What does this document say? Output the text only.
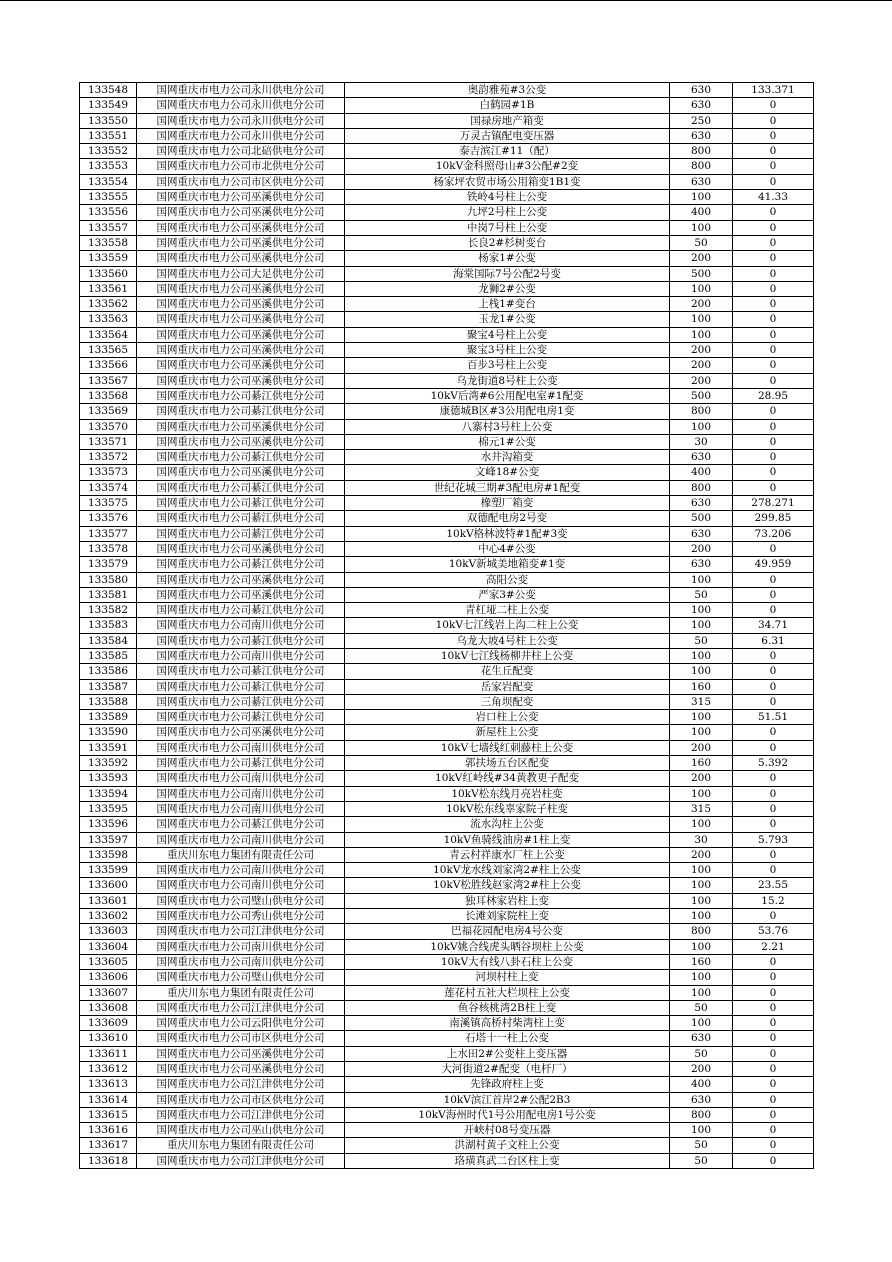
133548	国网重庆市电力公司永川供电分公司	奥韵雅苑#3公变	630	133.371
133549	国网重庆市电力公司永川供电分公司	白鹤园#1B	630	0
133550	国网重庆市电力公司永川供电分公司	国禄房地产箱变	250	0
133551	国网重庆市电力公司永川供电分公司	万灵古镇配电变压器	630	0
133552	国网重庆市电力公司北碚供电分公司	泰吉滨江#11（配）	800	0
133553	国网重庆市电力公司市北供电分公司	10kV金科照母山#3公配#2变	800	0
133554	国网重庆市电力公司市区供电分公司	杨家坪农贸市场公用箱变1B1变	630	0
133555	国网重庆市电力公司巫溪供电分公司	铁岭4号柱上公变	100	41.33
133556	国网重庆市电力公司巫溪供电分公司	九坪2号柱上公变	400	0
133557	国网重庆市电力公司巫溪供电分公司	中岗7号柱上公变	100	0
133558	国网重庆市电力公司巫溪供电分公司	长良2#杉树变台	50	0
133559	国网重庆市电力公司巫溪供电分公司	杨家1#公变	200	0
133560	国网重庆市电力公司大足供电分公司	海棠国际7号公配2号变	500	0
133561	国网重庆市电力公司巫溪供电分公司	龙狮2#公变	100	0
133562	国网重庆市电力公司巫溪供电分公司	上栈1#变台	200	0
133563	国网重庆市电力公司巫溪供电分公司	玉龙1#公变	100	0
133564	国网重庆市电力公司巫溪供电分公司	聚宝4号柱上公变	100	0
133565	国网重庆市电力公司巫溪供电分公司	聚宝3号柱上公变	200	0
133566	国网重庆市电力公司巫溪供电分公司	百步3号柱上公变	200	0
133567	国网重庆市电力公司巫溪供电分公司	乌龙街道8号柱上公变	200	0
133568	国网重庆市电力公司綦江供电分公司	10kV后湾#6公用配电室#1配变	500	28.95
133569	国网重庆市电力公司綦江供电分公司	康德城B区#3公用配电房1变	800	0
133570	国网重庆市电力公司巫溪供电分公司	八寨村3号柱上公变	100	0
133571	国网重庆市电力公司巫溪供电分公司	棉元1#公变	30	0
133572	国网重庆市电力公司綦江供电分公司	水井沟箱变	630	0
133573	国网重庆市电力公司巫溪供电分公司	文峰18#公变	400	0
133574	国网重庆市电力公司綦江供电分公司	世纪花城三期#3配电房#1配变	800	0
133575	国网重庆市电力公司綦江供电分公司	橡塑厂箱变	630	278.271
133576	国网重庆市电力公司綦江供电分公司	双德配电房2号变	500	299.85
133577	国网重庆市电力公司綦江供电分公司	10kV格林波特#1配#3变	630	73.206
133578	国网重庆市电力公司巫溪供电分公司	中心4#公变	200	0
133579	国网重庆市电力公司綦江供电分公司	10kV新城美地箱变#1变	630	49.959
133580	国网重庆市电力公司巫溪供电分公司	高阳公变	100	0
133581	国网重庆市电力公司巫溪供电分公司	严家3#公变	50	0
133582	国网重庆市电力公司綦江供电分公司	青杠垭二柱上公变	100	0
133583	国网重庆市电力公司南川供电分公司	10kV七江线岩上沟二柱上公变	100	34.71
133584	国网重庆市电力公司綦江供电分公司	乌龙大坡4号柱上公变	50	6.31
133585	国网重庆市电力公司南川供电分公司	10kV七江线杨柳井柱上公变	100	0
133586	国网重庆市电力公司綦江供电分公司	花生丘配变	100	0
133587	国网重庆市电力公司綦江供电分公司	岳家岩配变	160	0
133588	国网重庆市电力公司綦江供电分公司	三角坝配变	315	0
133589	国网重庆市电力公司綦江供电分公司	岩口柱上公变	100	51.51
133590	国网重庆市电力公司巫溪供电分公司	新屋柱上公变	100	0
133591	国网重庆市电力公司南川供电分公司	10kV七墙线红刺藤柱上公变	200	0
133592	国网重庆市电力公司綦江供电分公司	郭扶场五台区配变	160	5.392
133593	国网重庆市电力公司南川供电分公司	10kV红岭线#34黄教更子配变	200	0
133594	国网重庆市电力公司南川供电分公司	10kV松东线月亮岩柱变	100	0
133595	国网重庆市电力公司南川供电分公司	10kV松东线辜家院子柱变	315	0
133596	国网重庆市电力公司綦江供电分公司	流水沟柱上公变	100	0
133597	国网重庆市电力公司南川供电分公司	10kV鱼骑线油房#1柱上变	30	5.793
133598	重庆川东电力集团有限责任公司	青云村祥康水厂柱上公变	200	0
133599	国网重庆市电力公司南川供电分公司	10kV龙水线刘家湾2#柱上公变	100	0
133600	国网重庆市电力公司南川供电分公司	10kV松胜线赵家湾2#柱上公变	100	23.55
133601	国网重庆市电力公司璧山供电分公司	独耳林家岩柱上变	100	15.2
133602	国网重庆市电力公司秀山供电分公司	长滩刘家院柱上变	100	0
133603	国网重庆市电力公司江津供电分公司	巴福花园配电房4号公变	800	53.76
133604	国网重庆市电力公司南川供电分公司	10kV姚合线虎头晒谷坝柱上公变	100	2.21
133605	国网重庆市电力公司南川供电分公司	10kV大有线八卦石柱上公变	160	0
133606	国网重庆市电力公司璧山供电分公司	河坝村柱上变	100	0
133607	重庆川东电力集团有限责任公司	莲花村五社大栏坝柱上公变	100	0
133608	国网重庆市电力公司江津供电分公司	鱼谷核桃湾2B柱上变	50	0
133609	国网重庆市电力公司云阳供电分公司	南溪镇高桥村柴湾柱上变	100	0
133610	国网重庆市电力公司市区供电分公司	石塔十一柱上公变	630	0
133611	国网重庆市电力公司巫溪供电分公司	上水田2#公变柱上变压器	50	0
133612	国网重庆市电力公司巫溪供电分公司	大河街道2#配变（电杆厂）	200	0
133613	国网重庆市电力公司江津供电分公司	先锋政府柱上变	400	0
133614	国网重庆市电力公司市区供电分公司	10kV滨江首岸2#公配2B3	630	0
133615	国网重庆市电力公司江津供电分公司	10kV海州时代1号公用配电房1号公变	800	0
133616	国网重庆市电力公司巫山供电分公司	开峡村08号变压器	100	0
133617	重庆川东电力集团有限责任公司	洪湖村黄子文柱上公变	50	0
133618	国网重庆市电力公司江津供电分公司	珞璜真武二台区柱上变	50	0
